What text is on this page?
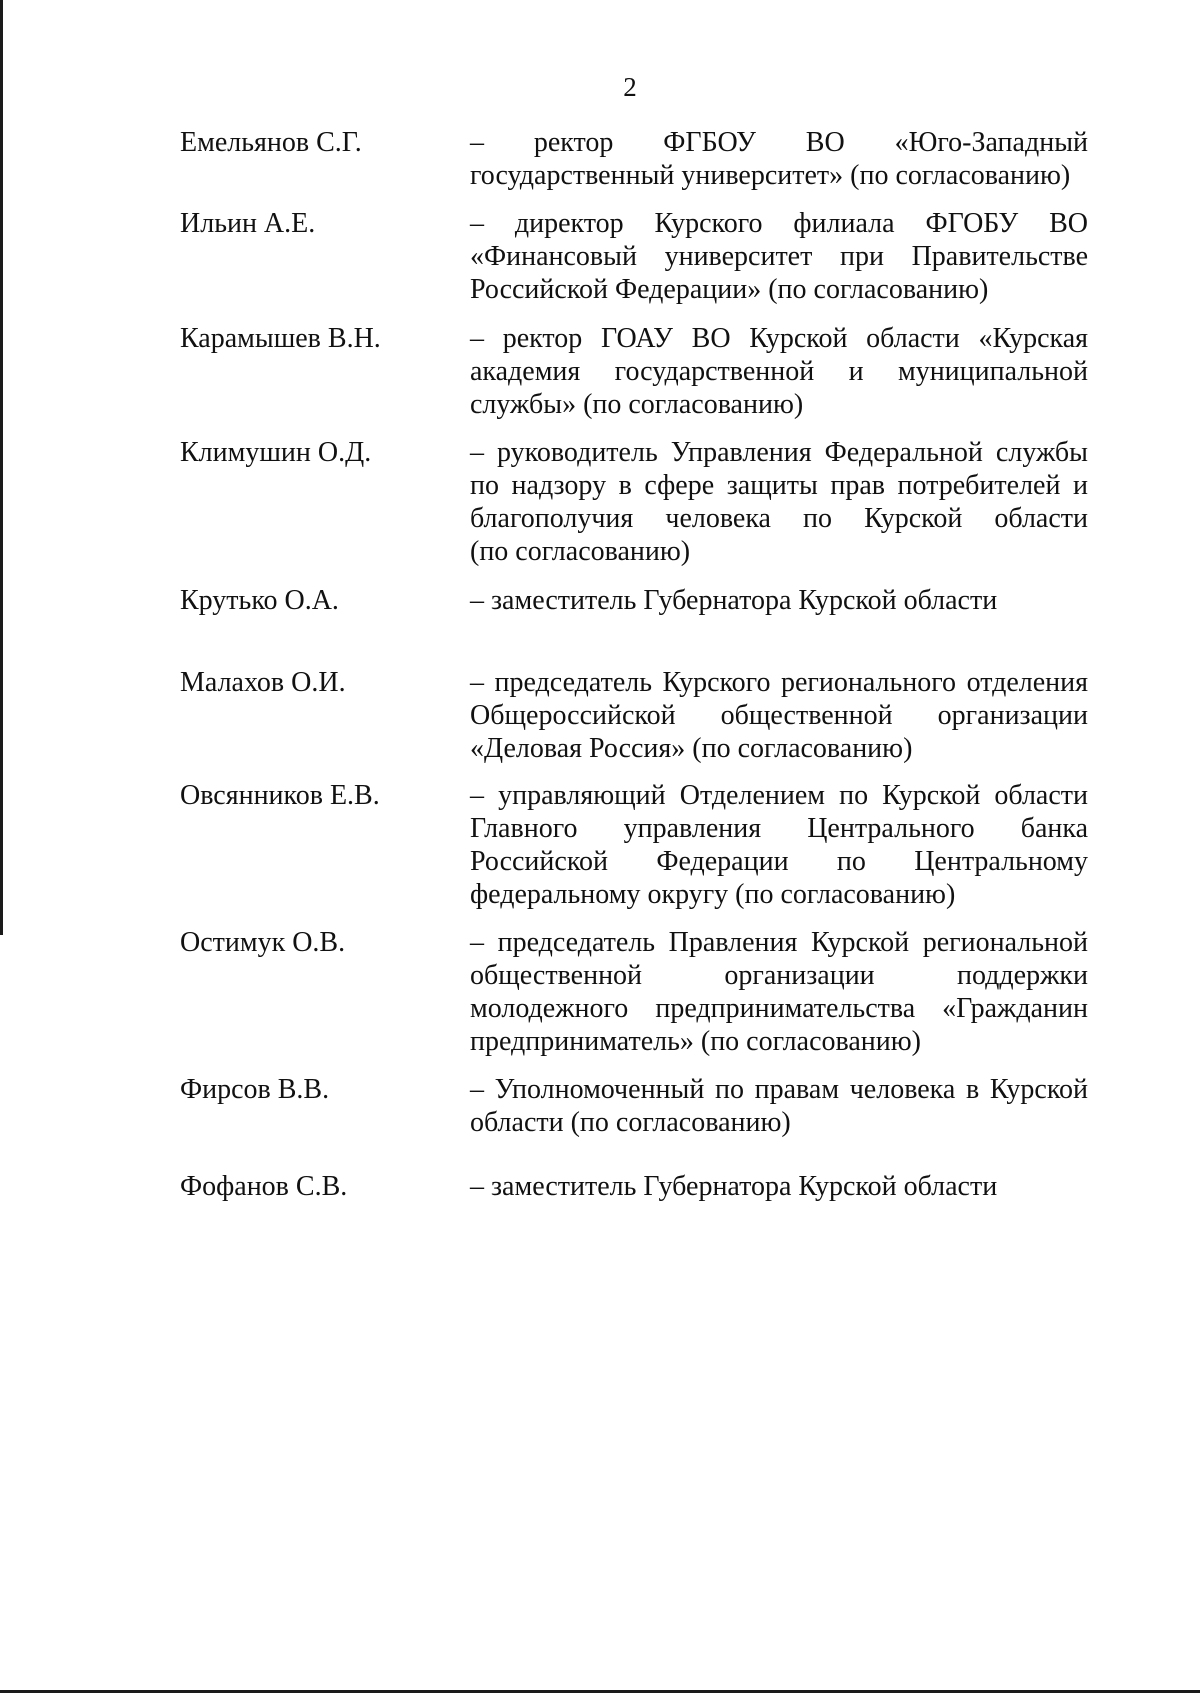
2
Емельянов С.Г.	– ректор ФГБОУ ВО «Юго-Западный
государственный университет» (по согласованию)
Ильин А.Е.	– директор Курского филиала ФГОБУ ВО
«Финансовый университет при Правительстве
Российской Федерации» (по согласованию)
Карамышев В.Н.	– ректор ГОАУ ВО Курской области «Курская
академия государственной и муниципальной
службы» (по согласованию)
Климушин О.Д.	– руководитель Управления Федеральной службы
по надзору в сфере защиты прав потребителей и
благополучия человека по Курской области
(по согласованию)
Крутько О.А.	– заместитель Губернатора Курской области
Малахов О.И.	– председатель Курского регионального отделения
Общероссийской общественной организации
«Деловая Россия» (по согласованию)
Овсянников Е.В.	– управляющий Отделением по Курской области
Главного управления Центрального банка
Российской Федерации по Центральному
федеральному округу (по согласованию)
Остимук О.В.	– председатель Правления Курской региональной
общественной организации поддержки
молодежного предпринимательства «Гражданин
предприниматель» (по согласованию)
Фирсов В.В.	– Уполномоченный по правам человека в Курской
области (по согласованию)
Фофанов С.В.	– заместитель Губернатора Курской области
